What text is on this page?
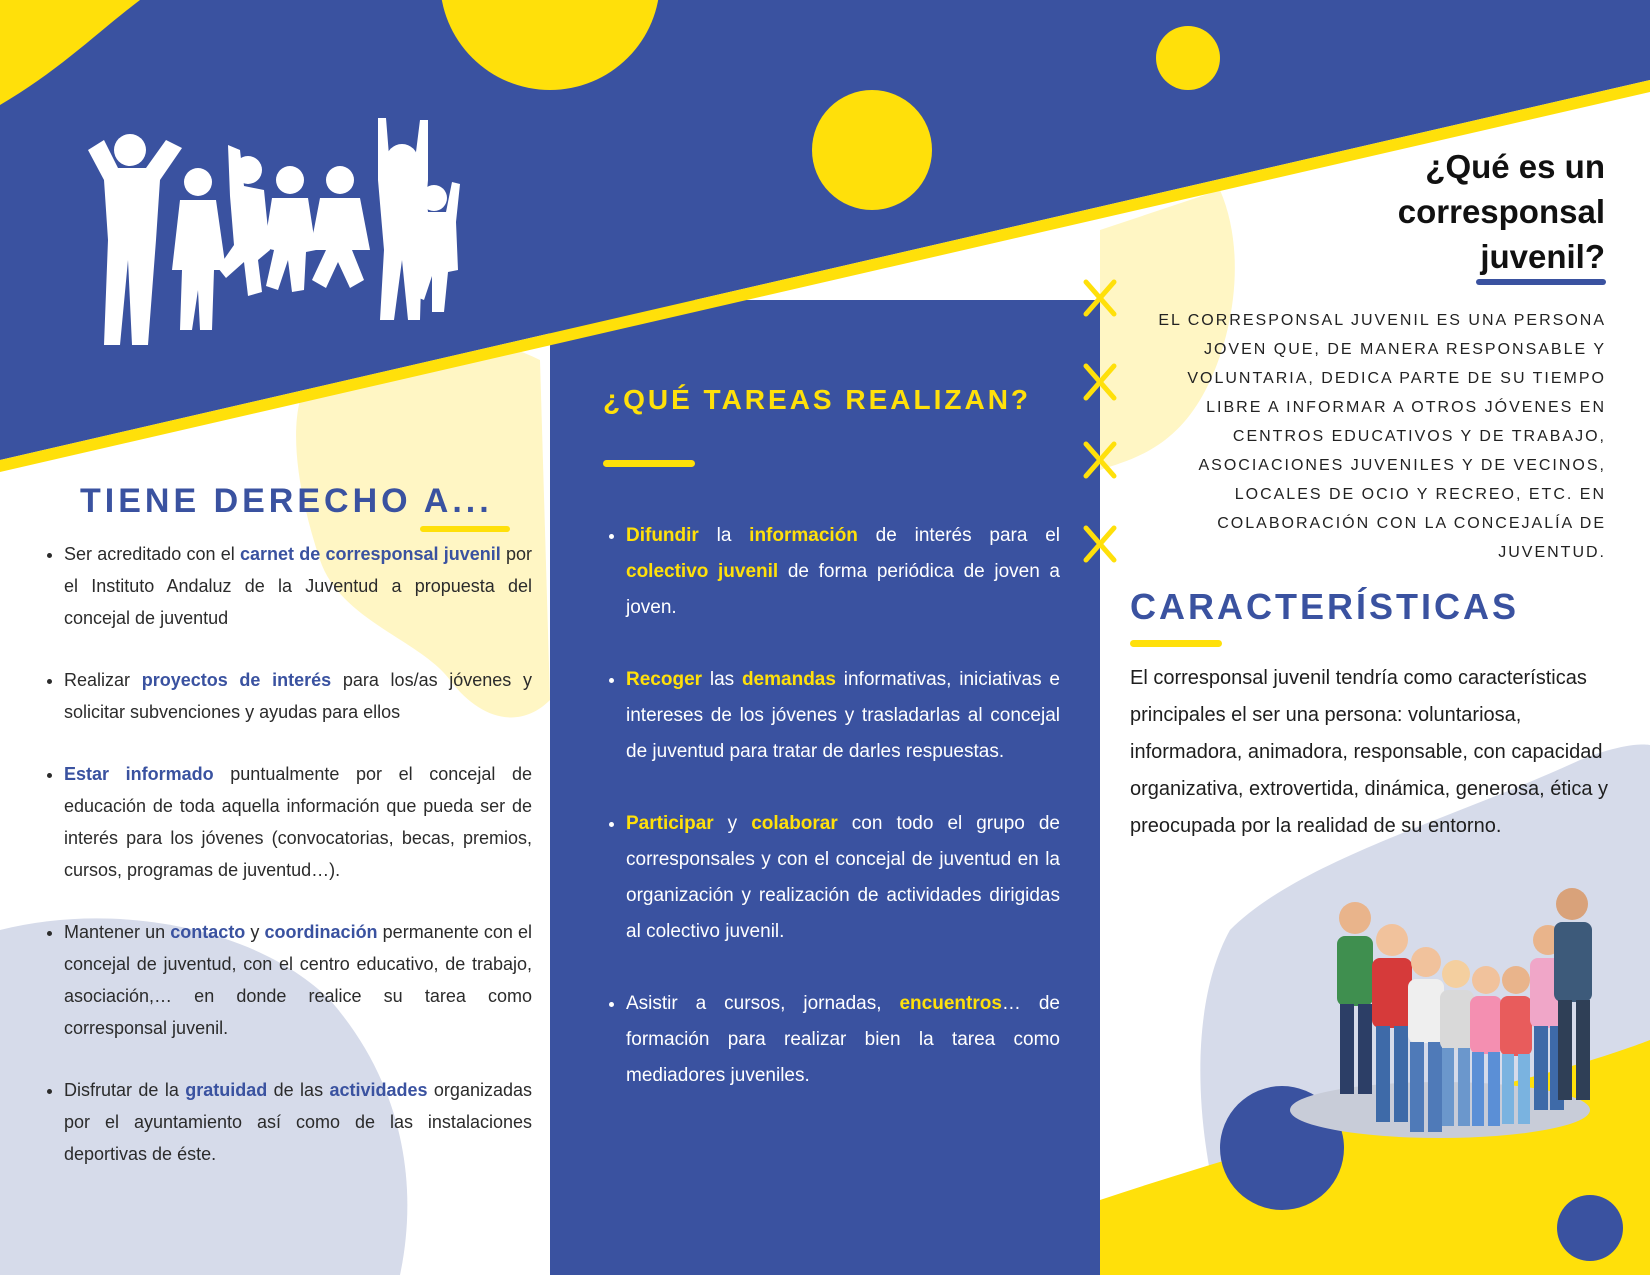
TIENE DERECHO A...
• Ser acreditado con el carnet de corresponsal juvenil por el Instituto Andaluz de la Juventud a propuesta del concejal de juventud
• Realizar proyectos de interés para los/as jóvenes y solicitar subvenciones y ayudas para ellos
• Estar informado puntualmente por el concejal de educación de toda aquella información que pueda ser de interés para los jóvenes (convocatorias, becas, premios, cursos, programas de juventud…).
• Mantener un contacto y coordinación permanente con el concejal de juventud, con el centro educativo, de trabajo, asociación,… en donde realice su tarea como corresponsal juvenil.
• Disfrutar de la gratuidad de las actividades organizadas por el ayuntamiento así como de las instalaciones deportivas de éste.
¿QUÉ TAREAS REALIZAN?
• Difundir la información de interés para el colectivo juvenil de forma periódica de joven a joven.
• Recoger las demandas informativas, iniciativas e intereses de los jóvenes y trasladarlas al concejal de juventud para tratar de darles respuestas.
• Participar y colaborar con todo el grupo de corresponsales y con el concejal de juventud en la organización y realización de actividades dirigidas al colectivo juvenil.
• Asistir a cursos, jornadas, encuentros… de formación para realizar bien la tarea como mediadores juveniles.
¿Qué es un
corresponsal
juvenil?
EL CORRESPONSAL JUVENIL ES UNA PERSONA JOVEN QUE, DE MANERA RESPONSABLE Y VOLUNTARIA, DEDICA PARTE DE SU TIEMPO LIBRE A INFORMAR A OTROS JÓVENES EN CENTROS EDUCATIVOS Y DE TRABAJO, ASOCIACIONES JUVENILES Y DE VECINOS, LOCALES DE OCIO Y RECREO, ETC. EN COLABORACIÓN CON LA CONCEJALÍA DE JUVENTUD.
CARACTERÍSTICAS
El corresponsal juvenil tendría como características principales el ser una persona: voluntariosa, informadora, animadora, responsable, con capacidad organizativa, extrovertida, dinámica, generosa, ética y preocupada por la realidad de su entorno.
